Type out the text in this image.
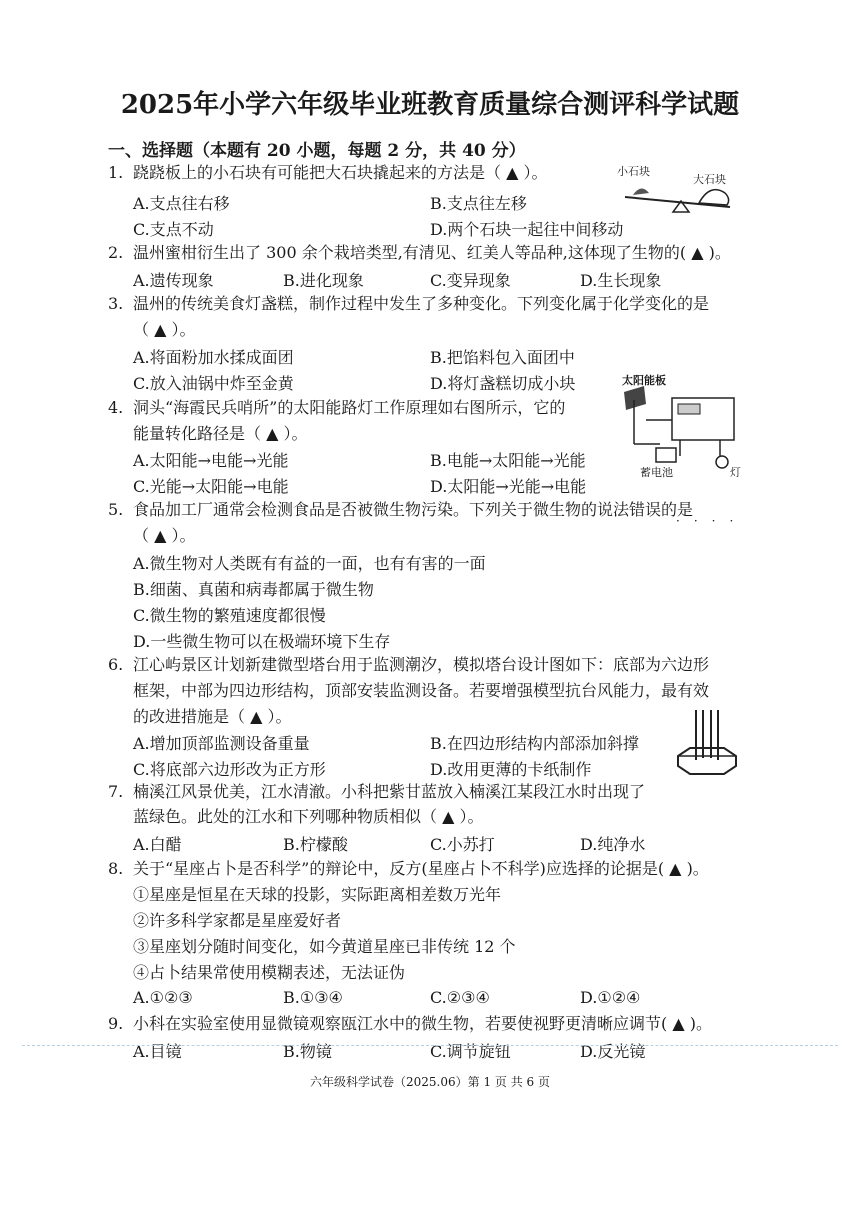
2025年小学六年级毕业班教育质量综合测评科学试题
一、选择题（本题有 20 小题，每题 2 分，共 40 分）
1. 跷跷板上的小石块有可能把大石块撬起来的方法是（ ▲ ）。
A.支点往右移	B.支点往左移
C.支点不动	D.两个石块一起往中间移动
小石块
大石块
2. 温州蜜柑衍生出了 300 余个栽培类型,有清见、红美人等品种,这体现了生物的( ▲ )。
A.遗传现象	B.进化现象	C.变异现象	D.生长现象
3. 温州的传统美食灯盏糕，制作过程中发生了多种变化。下列变化属于化学变化的是
（ ▲ ）。
A.将面粉加水揉成面团	B.把馅料包入面团中
C.放入油锅中炸至金黄	D.将灯盏糕切成小块	太阳能板
蓄电池	灯
4. 洞头“海霞民兵哨所”的太阳能路灯工作原理如右图所示，它的
能量转化路径是（ ▲ ）。
A.太阳能→电能→光能	B.电能→太阳能→光能
C.光能→太阳能→电能	D.太阳能→光能→电能
5. 食品加工厂通常会检测食品是否被微生物污染。下列关于微生物的说法错误的是
····
（ ▲ ）。
A.微生物对人类既有有益的一面，也有有害的一面
B.细菌、真菌和病毒都属于微生物
C.微生物的繁殖速度都很慢
D.一些微生物可以在极端环境下生存
6. 江心屿景区计划新建微型塔台用于监测潮汐，模拟塔台设计图如下：底部为六边形
框架，中部为四边形结构，顶部安装监测设备。若要增强模型抗台风能力，最有效
的改进措施是（ ▲ ）。
A.增加顶部监测设备重量	B.在四边形结构内部添加斜撑
C.将底部六边形改为正方形	D.改用更薄的卡纸制作
7. 楠溪江风景优美，江水清澈。小科把紫甘蓝放入楠溪江某段江水时出现了
蓝绿色。此处的江水和下列哪种物质相似（ ▲ ）。
A.白醋	B.柠檬酸	C.小苏打	D.纯净水
8. 关于“星座占卜是否科学”的辩论中，反方(星座占卜不科学)应选择的论据是( ▲ )。
①星座是恒星在天球的投影，实际距离相差数万光年
②许多科学家都是星座爱好者
③星座划分随时间变化，如今黄道星座已非传统 12 个
④占卜结果常使用模糊表述，无法证伪
A.①②③	B.①③④	C.②③④	D.①②④
9. 小科在实验室使用显微镜观察瓯江水中的微生物，若要使视野更清晰应调节( ▲ )。
A.目镜	B.物镜	C.调节旋钮	D.反光镜
六年级科学试卷（2025.06）第 1 页 共 6 页
